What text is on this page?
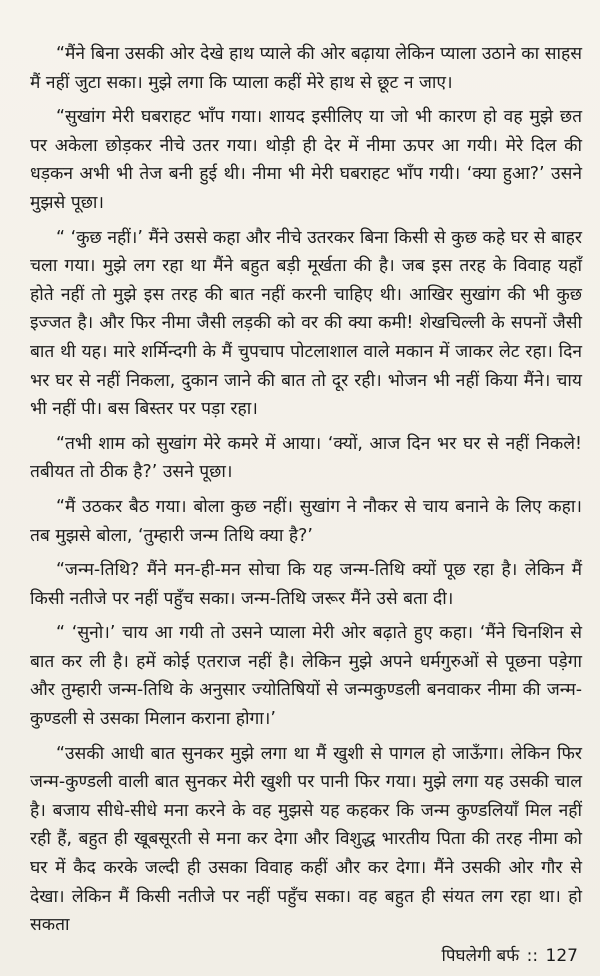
“मैंने बिना उसकी ओर देखे हाथ प्याले की ओर बढ़ाया लेकिन प्याला उठाने का साहस मैं नहीं जुटा सका। मुझे लगा कि प्याला कहीं मेरे हाथ से छूट न जाए।

“सुखांग मेरी घबराहट भाँप गया। शायद इसीलिए या जो भी कारण हो वह मुझे छत पर अकेला छोड़कर नीचे उतर गया। थोड़ी ही देर में नीमा ऊपर आ गयी। मेरे दिल की धड़कन अभी भी तेज बनी हुई थी। नीमा भी मेरी घबराहट भाँप गयी। ‘क्या हुआ?’ उसने मुझसे पूछा।

“ ‘कुछ नहीं।’ मैंने उससे कहा और नीचे उतरकर बिना किसी से कुछ कहे घर से बाहर चला गया। मुझे लग रहा था मैंने बहुत बड़ी मूर्खता की है। जब इस तरह के विवाह यहाँ होते नहीं तो मुझे इस तरह की बात नहीं करनी चाहिए थी। आखिर सुखांग की भी कुछ इज्जत है। और फिर नीमा जैसी लड़की को वर की क्या कमी! शेखचिल्ली के सपनों जैसी बात थी यह। मारे शर्मिन्दगी के मैं चुपचाप पोटलाशाल वाले मकान में जाकर लेट रहा। दिन भर घर से नहीं निकला, दुकान जाने की बात तो दूर रही। भोजन भी नहीं किया मैंने। चाय भी नहीं पी। बस बिस्तर पर पड़ा रहा।

“तभी शाम को सुखांग मेरे कमरे में आया। ‘क्यों, आज दिन भर घर से नहीं निकले! तबीयत तो ठीक है?’ उसने पूछा।

“मैं उठकर बैठ गया। बोला कुछ नहीं। सुखांग ने नौकर से चाय बनाने के लिए कहा। तब मुझसे बोला, ‘तुम्हारी जन्म तिथि क्या है?’

“जन्म-तिथि? मैंने मन-ही-मन सोचा कि यह जन्म-तिथि क्यों पूछ रहा है। लेकिन मैं किसी नतीजे पर नहीं पहुँच सका। जन्म-तिथि जरूर मैंने उसे बता दी।

“ ‘सुनो।’ चाय आ गयी तो उसने प्याला मेरी ओर बढ़ाते हुए कहा। ‘मैंने चिनशिन से बात कर ली है। हमें कोई एतराज नहीं है। लेकिन मुझे अपने धर्मगुरुओं से पूछना पड़ेगा और तुम्हारी जन्म-तिथि के अनुसार ज्योतिषियों से जन्मकुण्डली बनवाकर नीमा की जन्म-कुण्डली से उसका मिलान कराना होगा।’

“उसकी आधी बात सुनकर मुझे लगा था मैं खुशी से पागल हो जाऊँगा। लेकिन फिर जन्म-कुण्डली वाली बात सुनकर मेरी खुशी पर पानी फिर गया। मुझे लगा यह उसकी चाल है। बजाय सीधे-सीधे मना करने के वह मुझसे यह कहकर कि जन्म कुण्डलियाँ मिल नहीं रही हैं, बहुत ही खूबसूरती से मना कर देगा और विशुद्ध भारतीय पिता की तरह नीमा को घर में कैद करके जल्दी ही उसका विवाह कहीं और कर देगा। मैंने उसकी ओर गौर से देखा। लेकिन मैं किसी नतीजे पर नहीं पहुँच सका। वह बहुत ही संयत लग रहा था। हो सकता

पिघलेगी बर्फ :: 127
